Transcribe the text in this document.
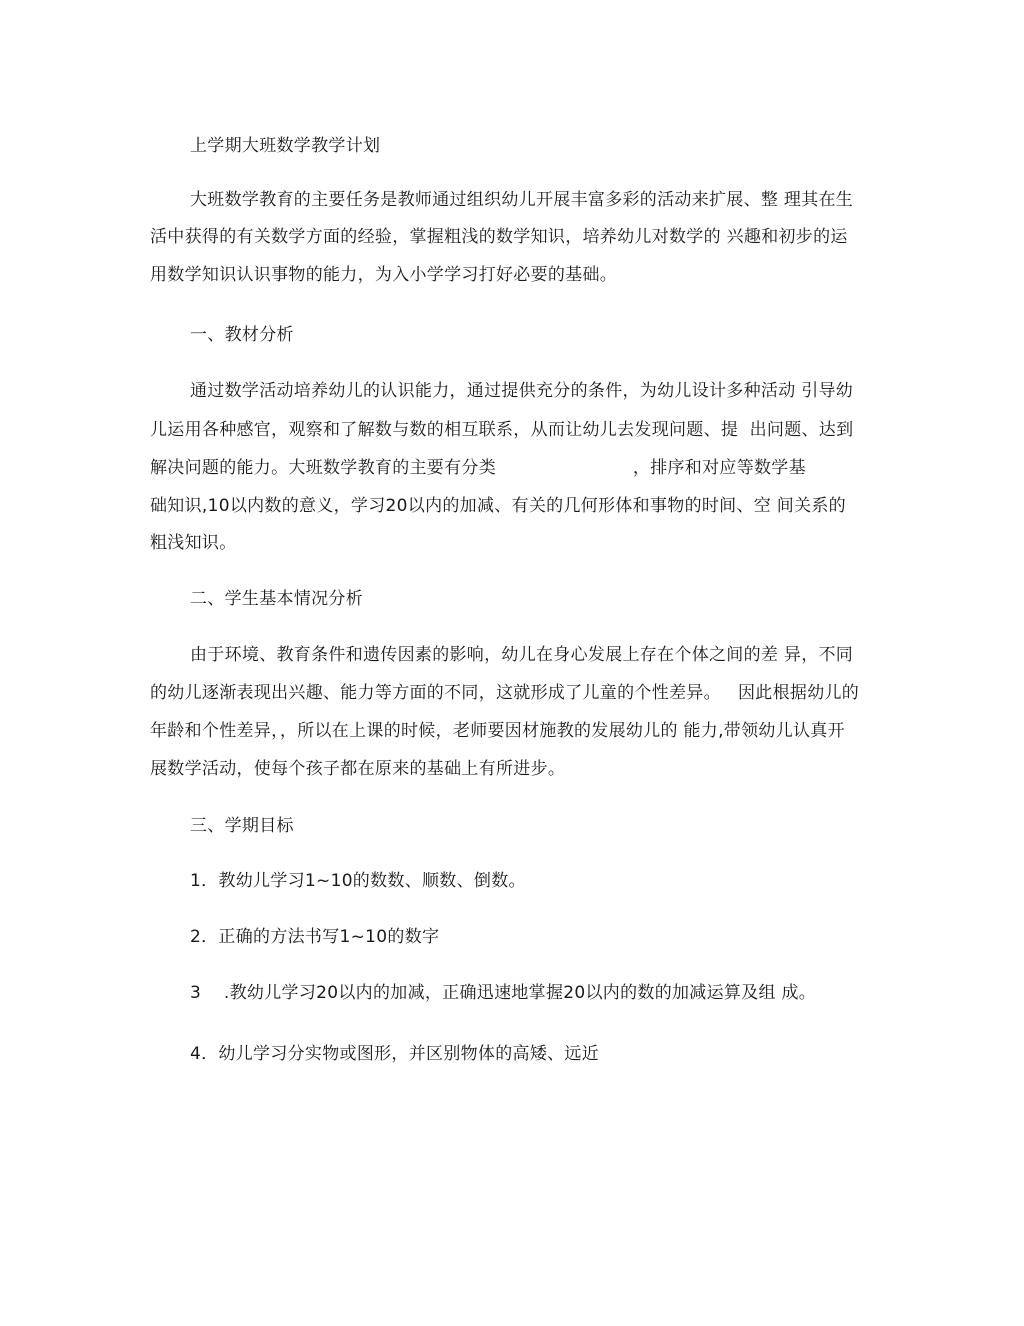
上学期大班数学教学计划
大班数学教育的主要任务是教师通过组织幼儿开展丰富多彩的活动来扩展、整 理其在生
活中获得的有关数学方面的经验，掌握粗浅的数学知识，培养幼儿对数学的 兴趣和初步的运
用数学知识认识事物的能力，为入小学学习打好必要的基础。
一、教材分析
通过数学活动培养幼儿的认识能力，通过提供充分的条件，为幼儿设计多种活动 引导幼
儿运用各种感官，观察和了解数与数的相互联系，从而让幼儿去发现问题、提  出问题、达到
解决问题的能力。大班数学教育的主要有分类                        ，排序和对应等数学基
础知识,10以内数的意义，学习20以内的加减、有关的几何形体和事物的时间、空 间关系的
粗浅知识。
二、学生基本情况分析
由于环境、教育条件和遗传因素的影响，幼儿在身心发展上存在个体之间的差 异，不同
的幼儿逐渐表现出兴趣、能力等方面的不同，这就形成了儿童的个性差异。   因此根据幼儿的
年龄和个性差异，，所以在上课的时候，老师要因材施教的发展幼儿的 能力,带领幼儿认真开
展数学活动，使每个孩子都在原来的基础上有所进步。
三、学期目标
1．教幼儿学习1~10的数数、顺数、倒数。
2．正确的方法书写1~10的数字
3    .教幼儿学习20以内的加减，正确迅速地掌握20以内的数的加减运算及组 成。
4．幼儿学习分实物或图形，并区别物体的高矮、远近
